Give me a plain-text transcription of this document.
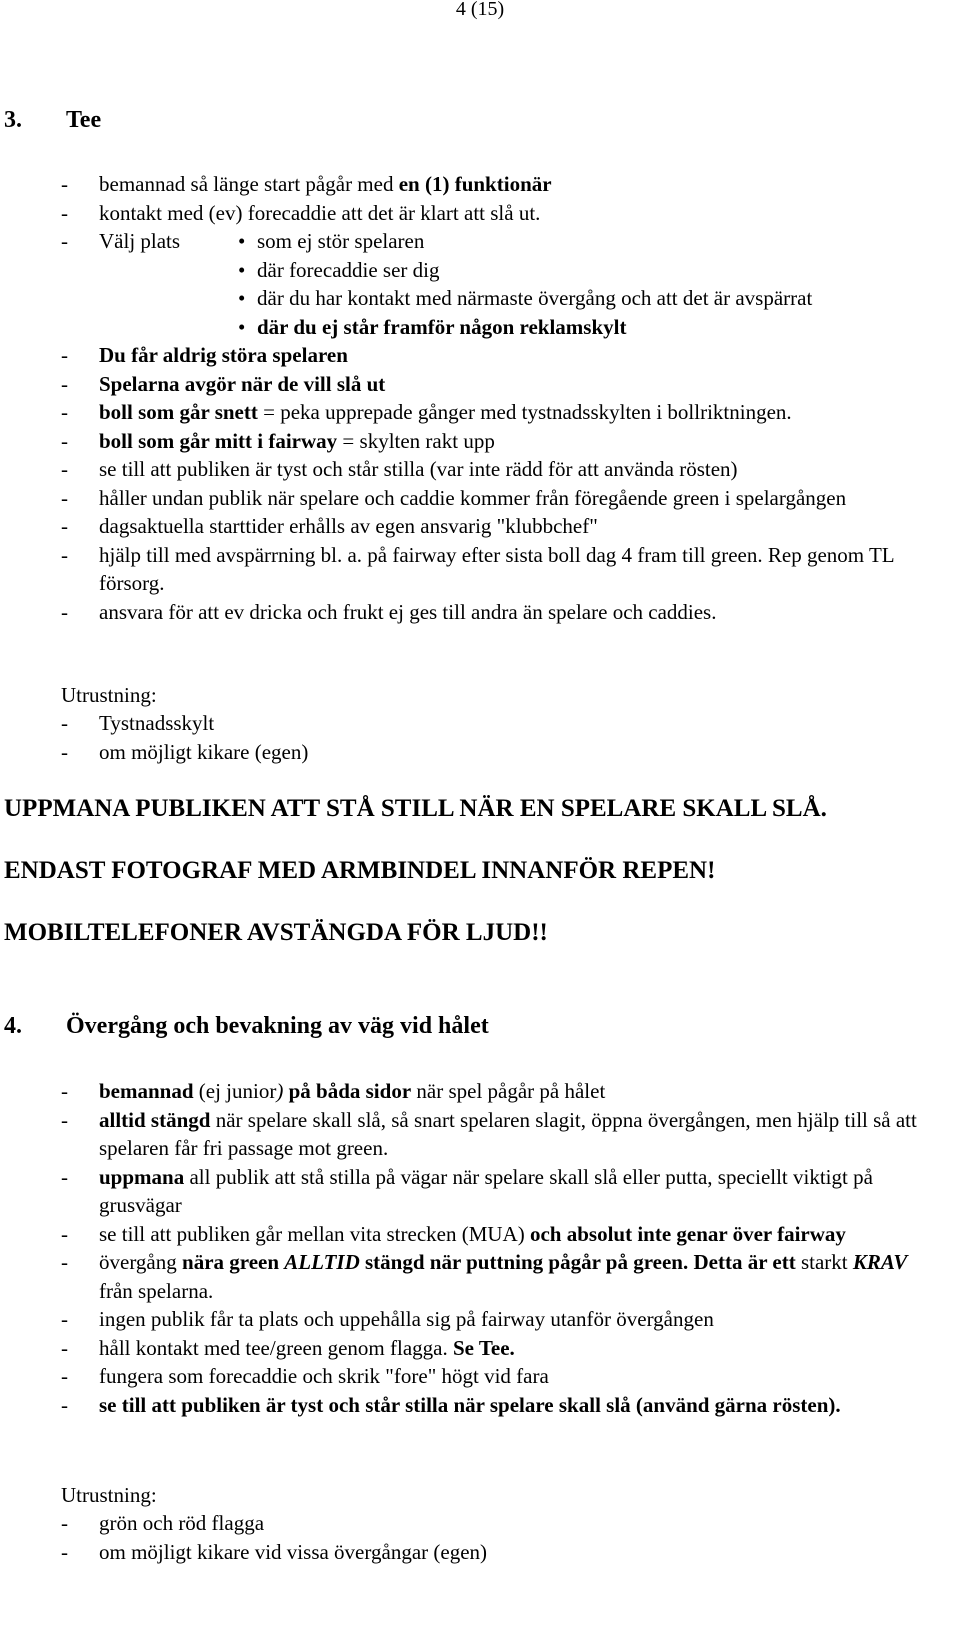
4 (15)
3. Tee
- bemannad så länge start pågår med en (1) funktionär
- kontakt med (ev) forecaddie att det är klart att slå ut.
- Välj plats	• som ej stör spelaren
• där forecaddie ser dig
• där du har kontakt med närmaste övergång och att det är avspärrat
• där du ej står framför någon reklamskylt
- Du får aldrig störa spelaren
- Spelarna avgör när de vill slå ut
- boll som går snett = peka upprepade gånger med tystnadsskylten i bollriktningen.
- boll som går mitt i fairway = skylten rakt upp
- se till att publiken är tyst och står stilla (var inte rädd för att använda rösten)
- håller undan publik när spelare och caddie kommer från föregående green i spelargången
- dagsaktuella starttider erhålls av egen ansvarig "klubbchef"
- hjälp till med avspärrning bl. a. på fairway efter sista boll dag 4 fram till green. Rep genom TL försorg.
- ansvara för att ev dricka och frukt ej ges till andra än spelare och caddies.
Utrustning:
- Tystnadsskylt
- om möjligt kikare (egen)
UPPMANA PUBLIKEN ATT STÅ STILL NÄR EN SPELARE SKALL SLÅ.
ENDAST FOTOGRAF MED ARMBINDEL INNANFÖR REPEN!
MOBILTELEFONER AVSTÄNGDA FÖR LJUD!!
4. Övergång och bevakning av väg vid hålet
- bemannad (ej junior) på båda sidor när spel pågår på hålet
- alltid stängd när spelare skall slå, så snart spelaren slagit, öppna övergången, men hjälp till så att spelaren får fri passage mot green.
- uppmana all publik att stå stilla på vägar när spelare skall slå eller putta, speciellt viktigt på grusvägar
- se till att publiken går mellan vita strecken (MUA) och absolut inte genar över fairway
- övergång nära green ALLTID stängd när puttning pågår på green. Detta är ett starkt KRAV från spelarna.
- ingen publik får ta plats och uppehålla sig på fairway utanför övergången
- håll kontakt med tee/green genom flagga. Se Tee.
- fungera som forecaddie och skrik "fore" högt vid fara
- se till att publiken är tyst och står stilla när spelare skall slå (använd gärna rösten).
Utrustning:
- grön och röd flagga
- om möjligt kikare vid vissa övergångar (egen)
